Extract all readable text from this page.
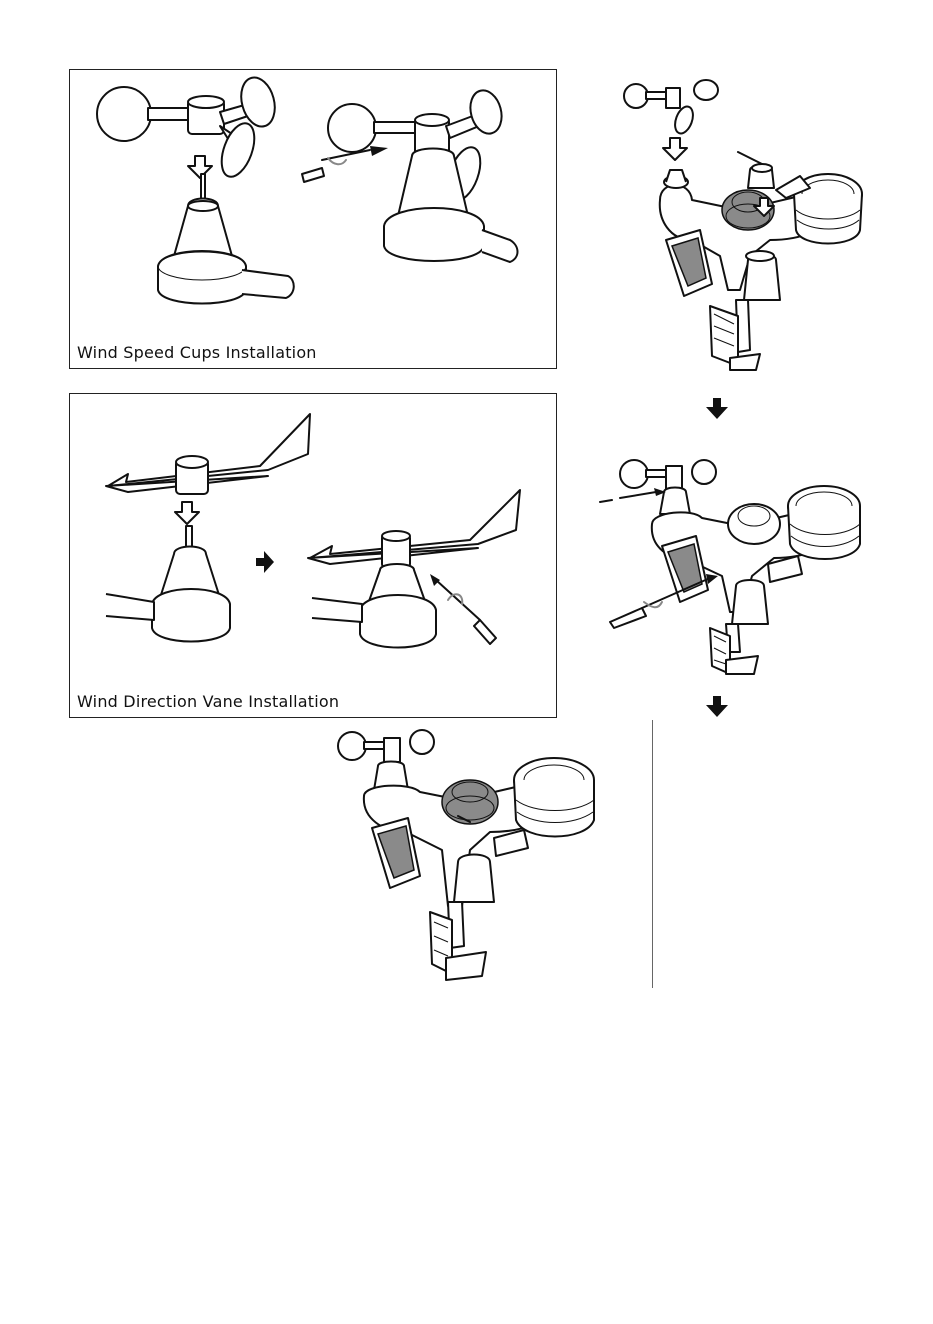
Wind Speed Cups Installation
Wind Direction Vane Installation
